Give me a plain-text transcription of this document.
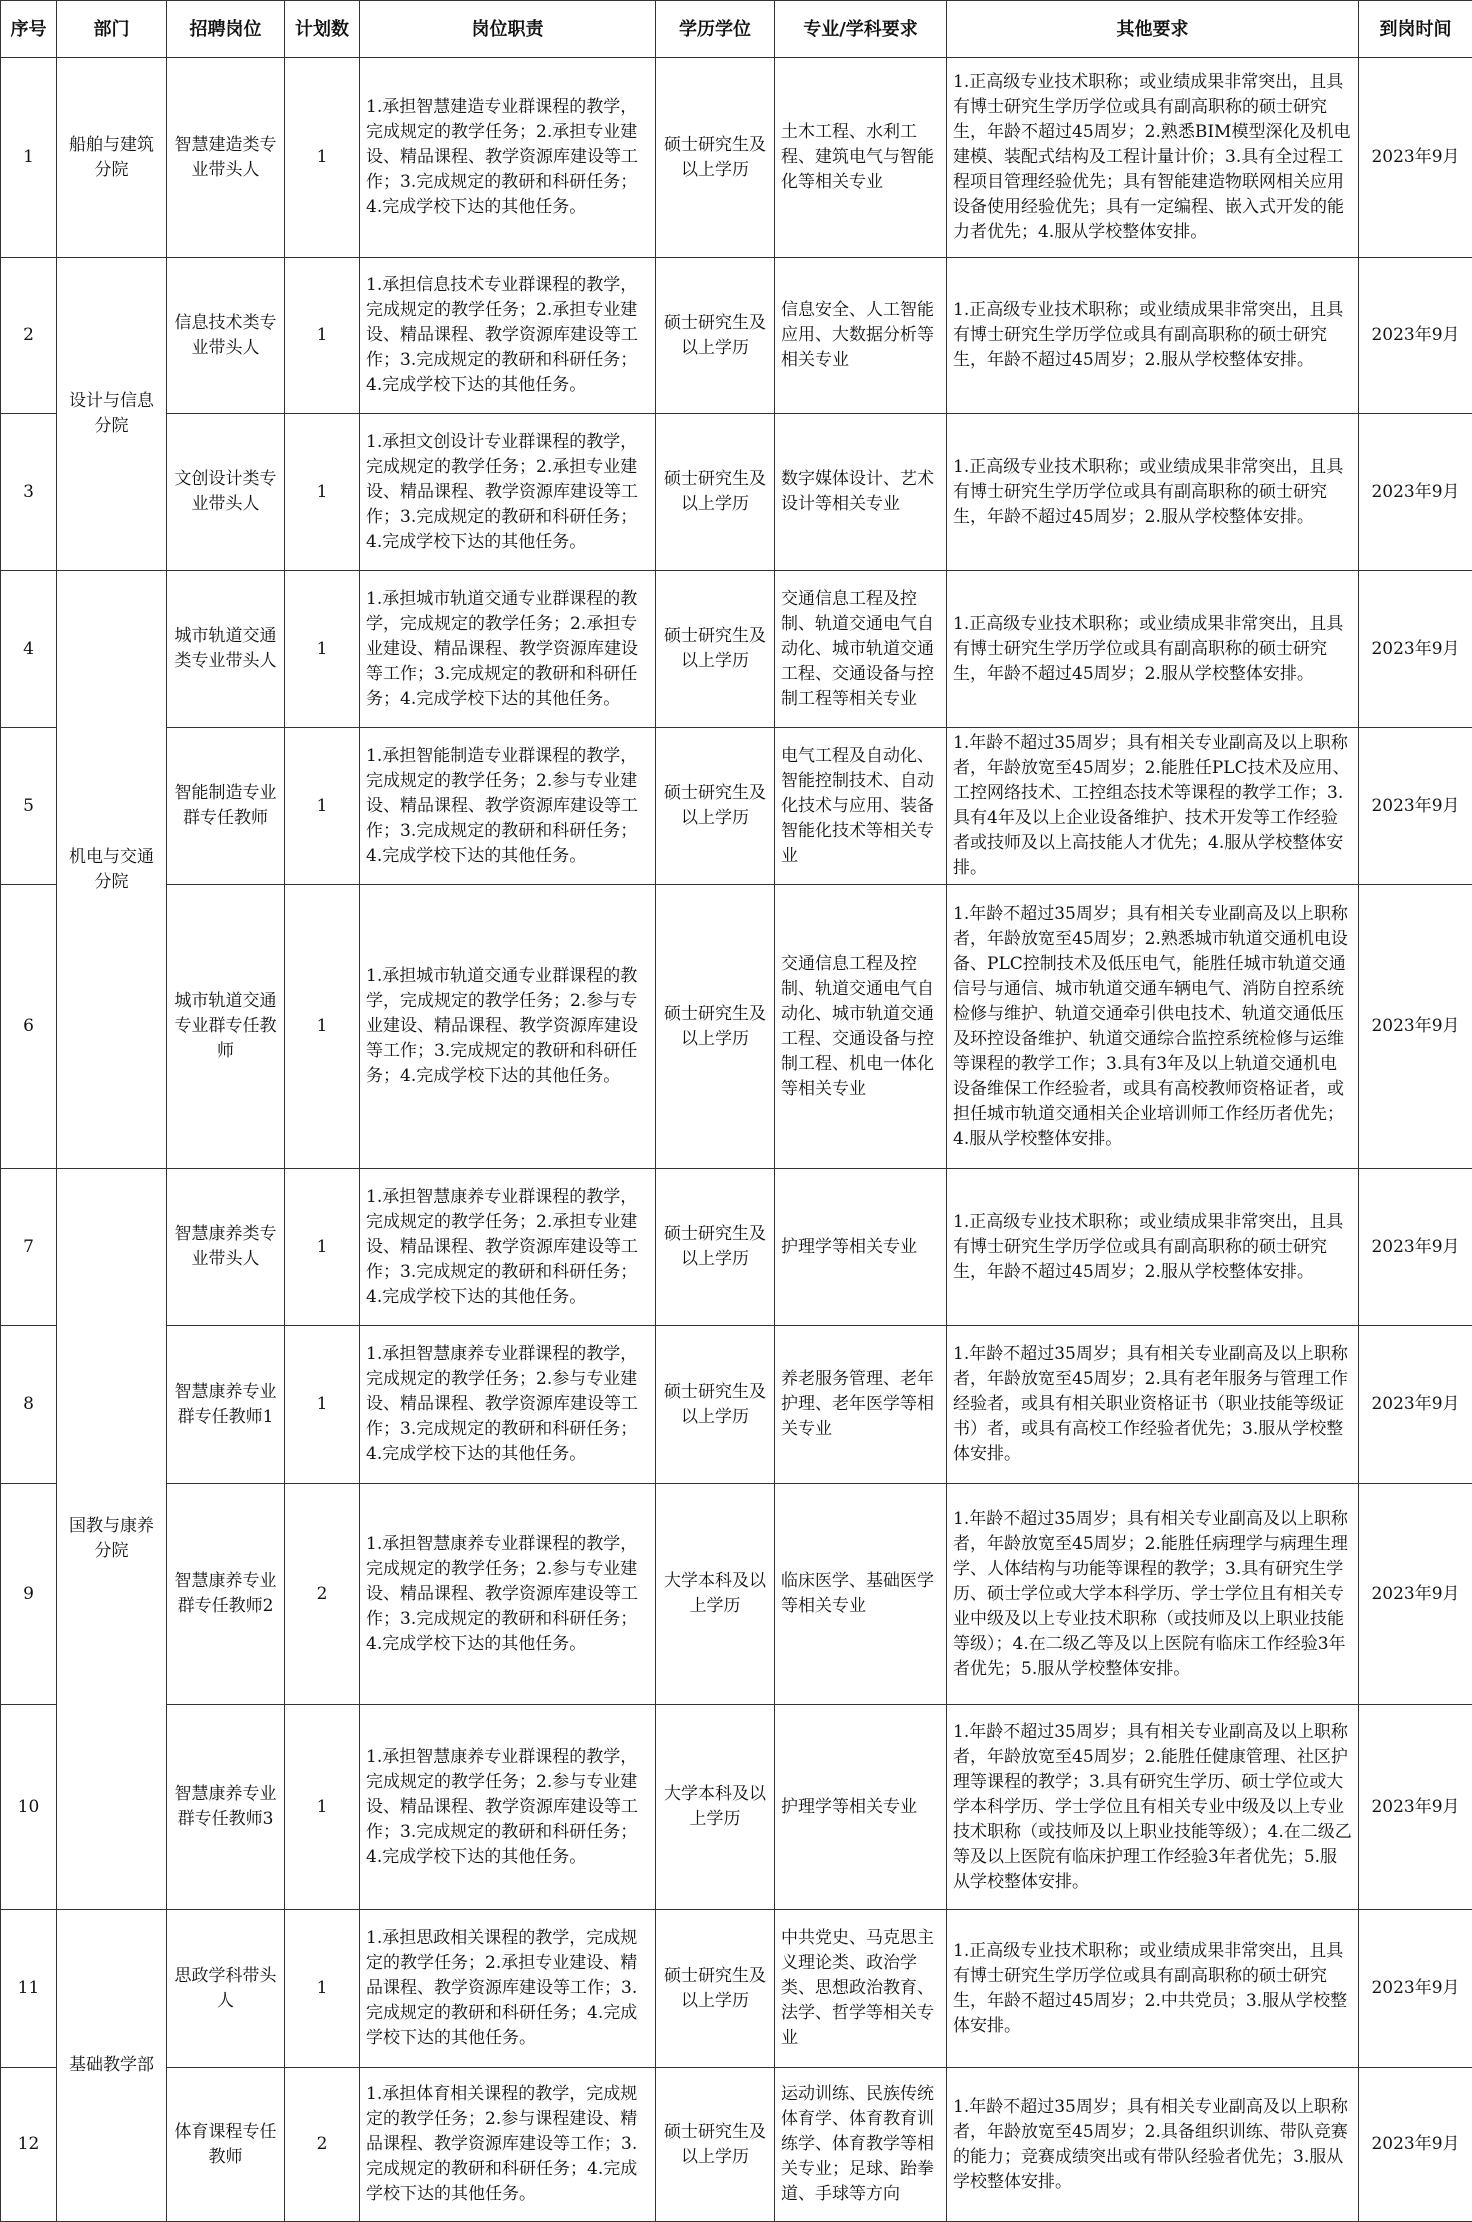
序号	部门	招聘岗位	计划数	岗位职责	学历学位	专业/学科要求	其他要求	到岗时间
1	船舶与建筑分院	智慧建造类专业带头人	1	1.承担智慧建造专业群课程的教学，完成规定的教学任务；2.承担专业建设、精品课程、教学资源库建设等工作；3.完成规定的教研和科研任务；4.完成学校下达的其他任务。	硕士研究生及以上学历	土木工程、水利工程、建筑电气与智能化等相关专业	1.正高级专业技术职称；或业绩成果非常突出，且具有博士研究生学历学位或具有副高职称的硕士研究生，年龄不超过45周岁；2.熟悉BIM模型深化及机电建模、装配式结构及工程计量计价；3.具有全过程工程项目管理经验优先；具有智能建造物联网相关应用设备使用经验优先；具有一定编程、嵌入式开发的能力者优先；4.服从学校整体安排。	2023年9月
2	设计与信息分院	信息技术类专业带头人	1	1.承担信息技术专业群课程的教学，完成规定的教学任务；2.承担专业建设、精品课程、教学资源库建设等工作；3.完成规定的教研和科研任务；4.完成学校下达的其他任务。	硕士研究生及以上学历	信息安全、人工智能应用、大数据分析等相关专业	1.正高级专业技术职称；或业绩成果非常突出，且具有博士研究生学历学位或具有副高职称的硕士研究生，年龄不超过45周岁；2.服从学校整体安排。	2023年9月
3		文创设计类专业带头人	1	1.承担文创设计专业群课程的教学，完成规定的教学任务；2.承担专业建设、精品课程、教学资源库建设等工作；3.完成规定的教研和科研任务；4.完成学校下达的其他任务。	硕士研究生及以上学历	数字媒体设计、艺术设计等相关专业	1.正高级专业技术职称；或业绩成果非常突出，且具有博士研究生学历学位或具有副高职称的硕士研究生，年龄不超过45周岁；2.服从学校整体安排。	2023年9月
4	机电与交通分院	城市轨道交通类专业带头人	1	1.承担城市轨道交通专业群课程的教学，完成规定的教学任务；2.承担专业建设、精品课程、教学资源库建设等工作；3.完成规定的教研和科研任务；4.完成学校下达的其他任务。	硕士研究生及以上学历	交通信息工程及控制、轨道交通电气自动化、城市轨道交通工程、交通设备与控制工程等相关专业	1.正高级专业技术职称；或业绩成果非常突出，且具有博士研究生学历学位或具有副高职称的硕士研究生，年龄不超过45周岁；2.服从学校整体安排。	2023年9月
5		智能制造专业群专任教师	1	1.承担智能制造专业群课程的教学，完成规定的教学任务；2.参与专业建设、精品课程、教学资源库建设等工作；3.完成规定的教研和科研任务；4.完成学校下达的其他任务。	硕士研究生及以上学历	电气工程及自动化、智能控制技术、自动化技术与应用、装备智能化技术等相关专业	1.年龄不超过35周岁；具有相关专业副高及以上职称者，年龄放宽至45周岁；2.能胜任PLC技术及应用、工控网络技术、工控组态技术等课程的教学工作；3.具有4年及以上企业设备维护、技术开发等工作经验者或技师及以上高技能人才优先；4.服从学校整体安排。	2023年9月
6		城市轨道交通专业群专任教师	1	1.承担城市轨道交通专业群课程的教学，完成规定的教学任务；2.参与专业建设、精品课程、教学资源库建设等工作；3.完成规定的教研和科研任务；4.完成学校下达的其他任务。	硕士研究生及以上学历	交通信息工程及控制、轨道交通电气自动化、城市轨道交通工程、交通设备与控制工程、机电一体化等相关专业	1.年龄不超过35周岁；具有相关专业副高及以上职称者，年龄放宽至45周岁；2.熟悉城市轨道交通机电设备、PLC控制技术及低压电气，能胜任城市轨道交通信号与通信、城市轨道交通车辆电气、消防自控系统检修与维护、轨道交通牵引供电技术、轨道交通低压及环控设备维护、轨道交通综合监控系统检修与运维等课程的教学工作；3.具有3年及以上轨道交通机电设备维保工作经验者，或具有高校教师资格证者，或担任城市轨道交通相关企业培训师工作经历者优先；4.服从学校整体安排。	2023年9月
7	国教与康养分院	智慧康养类专业带头人	1	1.承担智慧康养专业群课程的教学，完成规定的教学任务；2.承担专业建设、精品课程、教学资源库建设等工作；3.完成规定的教研和科研任务；4.完成学校下达的其他任务。	硕士研究生及以上学历	护理学等相关专业	1.正高级专业技术职称；或业绩成果非常突出，且具有博士研究生学历学位或具有副高职称的硕士研究生，年龄不超过45周岁；2.服从学校整体安排。	2023年9月
8		智慧康养专业群专任教师1	1	1.承担智慧康养专业群课程的教学，完成规定的教学任务；2.参与专业建设、精品课程、教学资源库建设等工作；3.完成规定的教研和科研任务；4.完成学校下达的其他任务。	硕士研究生及以上学历	养老服务管理、老年护理、老年医学等相关专业	1.年龄不超过35周岁；具有相关专业副高及以上职称者，年龄放宽至45周岁；2.具有老年服务与管理工作经验者，或具有相关职业资格证书（职业技能等级证书）者，或具有高校工作经验者优先；3.服从学校整体安排。	2023年9月
9		智慧康养专业群专任教师2	2	1.承担智慧康养专业群课程的教学，完成规定的教学任务；2.参与专业建设、精品课程、教学资源库建设等工作；3.完成规定的教研和科研任务；4.完成学校下达的其他任务。	大学本科及以上学历	临床医学、基础医学等相关专业	1.年龄不超过35周岁；具有相关专业副高及以上职称者，年龄放宽至45周岁；2.能胜任病理学与病理生理学、人体结构与功能等课程的教学；3.具有研究生学历、硕士学位或大学本科学历、学士学位且有相关专业中级及以上专业技术职称（或技师及以上职业技能等级）；4.在二级乙等及以上医院有临床工作经验3年者优先；5.服从学校整体安排。	2023年9月
10		智慧康养专业群专任教师3	1	1.承担智慧康养专业群课程的教学，完成规定的教学任务；2.参与专业建设、精品课程、教学资源库建设等工作；3.完成规定的教研和科研任务；4.完成学校下达的其他任务。	大学本科及以上学历	护理学等相关专业	1.年龄不超过35周岁；具有相关专业副高及以上职称者，年龄放宽至45周岁；2.能胜任健康管理、社区护理等课程的教学；3.具有研究生学历、硕士学位或大学本科学历、学士学位且有相关专业中级及以上专业技术职称（或技师及以上职业技能等级）；4.在二级乙等及以上医院有临床护理工作经验3年者优先；5.服从学校整体安排。	2023年9月
11	基础教学部	思政学科带头人	1	1.承担思政相关课程的教学，完成规定的教学任务；2.承担专业建设、精品课程、教学资源库建设等工作；3.完成规定的教研和科研任务；4.完成学校下达的其他任务。	硕士研究生及以上学历	中共党史、马克思主义理论类、政治学类、思想政治教育、法学、哲学等相关专业	1.正高级专业技术职称；或业绩成果非常突出，且具有博士研究生学历学位或具有副高职称的硕士研究生，年龄不超过45周岁；2.中共党员；3.服从学校整体安排。	2023年9月
12		体育课程专任教师	2	1.承担体育相关课程的教学，完成规定的教学任务；2.参与课程建设、精品课程、教学资源库建设等工作；3.完成规定的教研和科研任务；4.完成学校下达的其他任务。	硕士研究生及以上学历	运动训练、民族传统体育学、体育教育训练学、体育教学等相关专业；足球、跆拳道、手球等方向	1.年龄不超过35周岁；具有相关专业副高及以上职称者，年龄放宽至45周岁；2.具备组织训练、带队竞赛的能力；竞赛成绩突出或有带队经验者优先；3.服从学校整体安排。	2023年9月
